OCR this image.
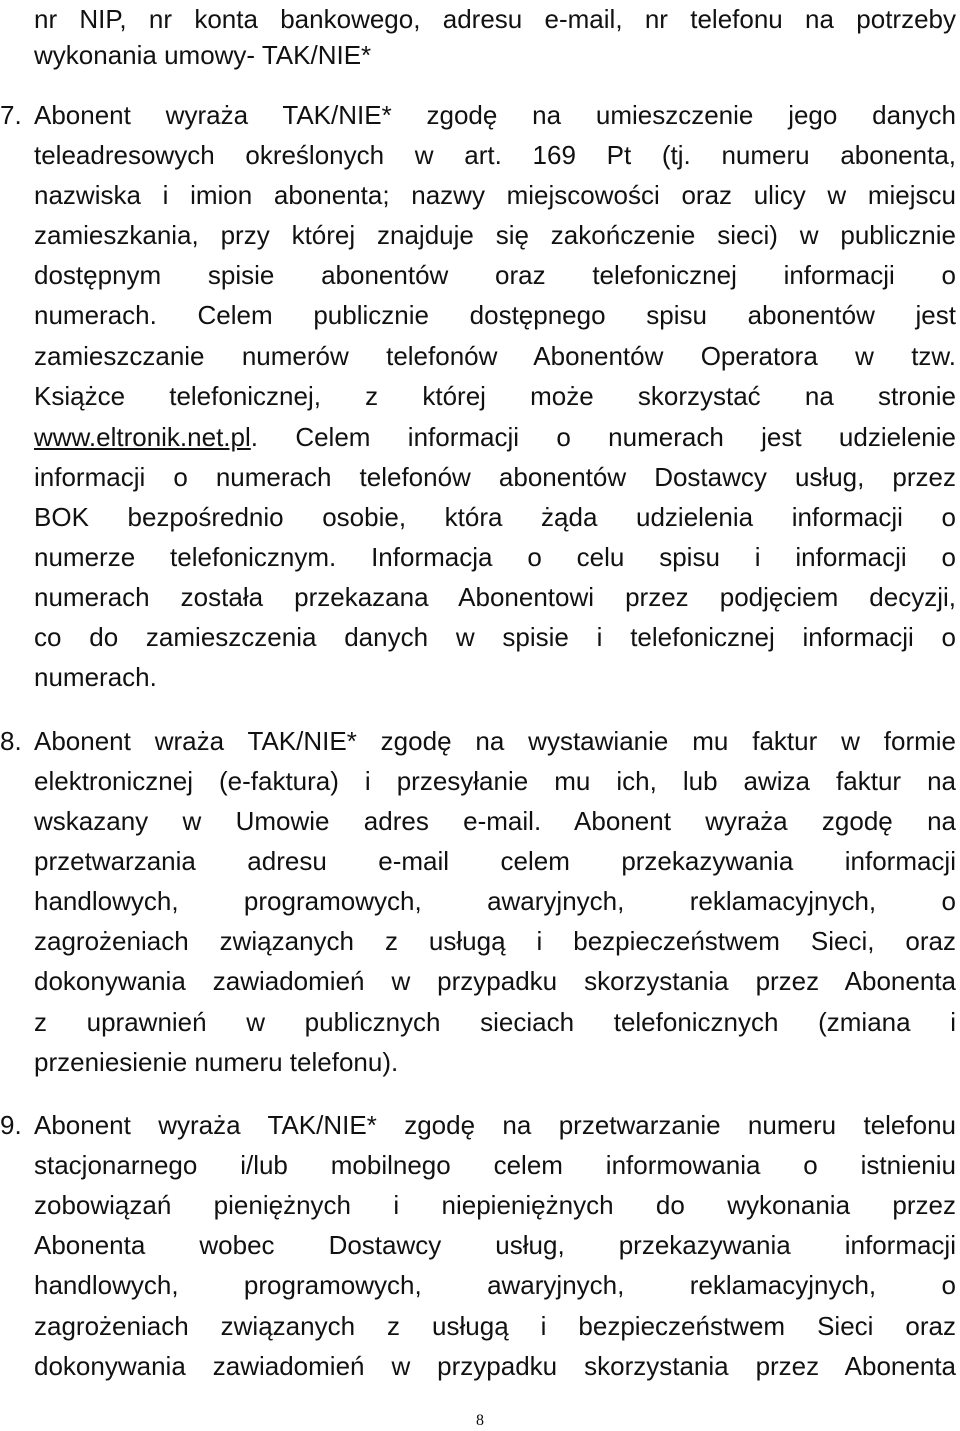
nr NIP, nr konta bankowego, adresu e-mail, nr telefonu na potrzeby
wykonania umowy- TAK/NIE*
7. Abonent wyraża TAK/NIE* zgodę na umieszczenie jego danych
teleadresowych określonych w art. 169 Pt (tj. numeru abonenta,
nazwiska i imion abonenta; nazwy miejscowości oraz ulicy w miejscu
zamieszkania, przy której znajduje się zakończenie sieci) w publicznie
dostępnym spisie abonentów oraz telefonicznej informacji o
numerach. Celem publicznie dostępnego spisu abonentów jest
zamieszczanie numerów telefonów Abonentów Operatora w tzw.
Książce telefonicznej, z której może skorzystać na stronie
www.eltronik.net.pl. Celem informacji o numerach jest udzielenie
informacji o numerach telefonów abonentów Dostawcy usług, przez
BOK bezpośrednio osobie, która żąda udzielenia informacji o
numerze telefonicznym. Informacja o celu spisu i informacji o
numerach została przekazana Abonentowi przez podjęciem decyzji,
co do zamieszczenia danych w spisie i telefonicznej informacji o
numerach.
8. Abonent wraża TAK/NIE* zgodę na wystawianie mu faktur w formie
elektronicznej (e-faktura) i przesyłanie mu ich, lub awiza faktur na
wskazany w Umowie adres e-mail. Abonent wyraża zgodę na
przetwarzania adresu e-mail celem przekazywania informacji
handlowych, programowych, awaryjnych, reklamacyjnych, o
zagrożeniach związanych z usługą i bezpieczeństwem Sieci, oraz
dokonywania zawiadomień w przypadku skorzystania przez Abonenta
z uprawnień w publicznych sieciach telefonicznych (zmiana i
przeniesienie numeru telefonu).
9. Abonent wyraża TAK/NIE* zgodę na przetwarzanie numeru telefonu
stacjonarnego i/lub mobilnego celem informowania o istnieniu
zobowiązań pieniężnych i niepieniężnych do wykonania przez
Abonenta wobec Dostawcy usług, przekazywania informacji
handlowych, programowych, awaryjnych, reklamacyjnych, o
zagrożeniach związanych z usługą i bezpieczeństwem Sieci oraz
dokonywania zawiadomień w przypadku skorzystania przez Abonenta
8
